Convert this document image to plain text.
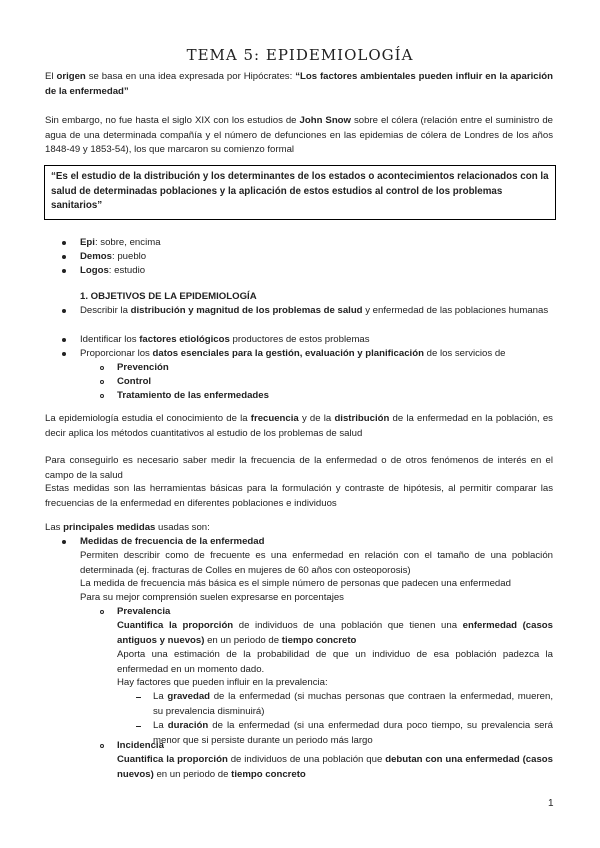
TEMA 5: EPIDEMIOLOGÍA
El origen se basa en una idea expresada por Hipócrates: “Los factores ambientales pueden influir en la aparición de la enfermedad”
Sin embargo, no fue hasta el siglo XIX con los estudios de John Snow sobre el cólera (relación entre el suministro de agua de una determinada compañía y el número de defunciones en las epidemias de cólera de Londres de los años 1848-49 y 1853-54), los que marcaron su comienzo formal
“Es el estudio de la distribución y los determinantes de los estados o acontecimientos relacionados con la salud de determinadas poblaciones y la aplicación de estos estudios al control de los problemas sanitarios”
Epi: sobre, encima
Demos: pueblo
Logos: estudio
1. OBJETIVOS DE LA EPIDEMIOLOGÍA
Describir la distribución y magnitud de los problemas de salud y enfermedad de las poblaciones humanas
Identificar los factores etiológicos productores de estos problemas
Proporcionar los datos esenciales para la gestión, evaluación y planificación de los servicios de
Prevención
Control
Tratamiento de las enfermedades
La epidemiología estudia el conocimiento de la frecuencia y de la distribución de la enfermedad en la población, es decir aplica los métodos cuantitativos al estudio de los problemas de salud
Para conseguirlo es necesario saber medir la frecuencia de la enfermedad o de otros fenómenos de interés en el campo de la salud
Estas medidas son las herramientas básicas para la formulación y contraste de hipótesis, al permitir comparar las frecuencias de la enfermedad en diferentes poblaciones e individuos
Las principales medidas usadas son:
Medidas de frecuencia de la enfermedad
Permiten describir como de frecuente es una enfermedad en relación con el tamaño de una población determinada (ej. fracturas de Colles en mujeres de 60 años con osteoporosis)
La medida de frecuencia más básica es el simple número de personas que padecen una enfermedad
Para su mejor comprensión suelen expresarse en porcentajes
Prevalencia
Cuantifica la proporción de individuos de una población que tienen una enfermedad (casos antiguos y nuevos) en un periodo de tiempo concreto
Aporta una estimación de la probabilidad de que un individuo de esa población padezca la enfermedad en un momento dado.
Hay factores que pueden influir en la prevalencia:
La gravedad de la enfermedad (si muchas personas que contraen la enfermedad, mueren, su prevalencia disminuirá)
La duración de la enfermedad (si una enfermedad dura poco tiempo, su prevalencia será menor que si persiste durante un periodo más largo
Incidencia
Cuantifica la proporción de individuos de una población que debutan con una enfermedad (casos nuevos) en un periodo de tiempo concreto
1
